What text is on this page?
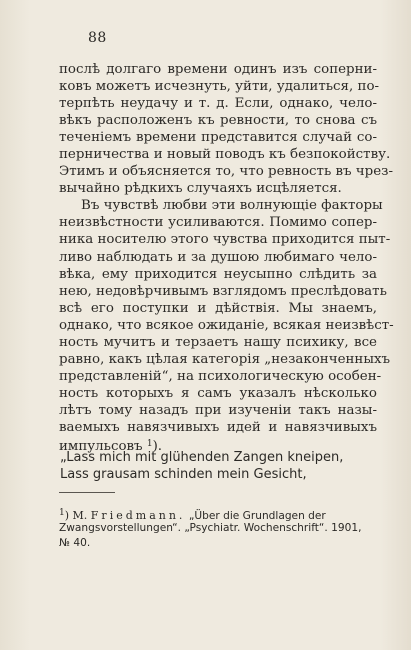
88
послѣ долгаго времени одинъ изъ соперни-
ковъ можетъ исчезнуть, уйти, удалиться, по-
терпѣть неудачу и т. д. Если, однако, чело-
вѣкъ расположенъ къ ревности, то снова съ
теченіемъ времени представится случай со-
перничества и новый поводъ къ безпокойству.
Этимъ и объясняется то, что ревность въ чрез-
вычайно рѣдкихъ случаяхъ исцѣляется.
Въ чувствѣ любви эти волнующіе факторы
неизвѣстности усиливаются. Помимо сопер-
ника носителю этого чувства приходится пыт-
ливо наблюдать и за душою любимаго чело-
вѣка, ему приходится неусыпно слѣдить за
нею, недовѣрчивымъ взглядомъ преслѣдовать
всѣ его поступки и дѣйствія. Мы знаемъ,
однако, что всякое ожиданіе, всякая неизвѣст-
ность мучитъ и терзаетъ нашу психику, все
равно, какъ цѣлая категорія „незаконченныхъ
представленій“, на психологическую особен-
ность которыхъ я самъ указалъ нѣсколько
лѣтъ тому назадъ при изученіи такъ назы-
ваемыхъ навязчивыхъ идей и навязчивыхъ
импульсовъ $^1$).
„Lass mich mit glühenden Zangen kneipen,
Lass grausam schinden mein Gesicht,
$^1$) M. Friedmann. „Über die Grundlagen der
Zwangsvorstellungen“. „Psychiatr. Wochenschrift“. 1901,
№ 40.
